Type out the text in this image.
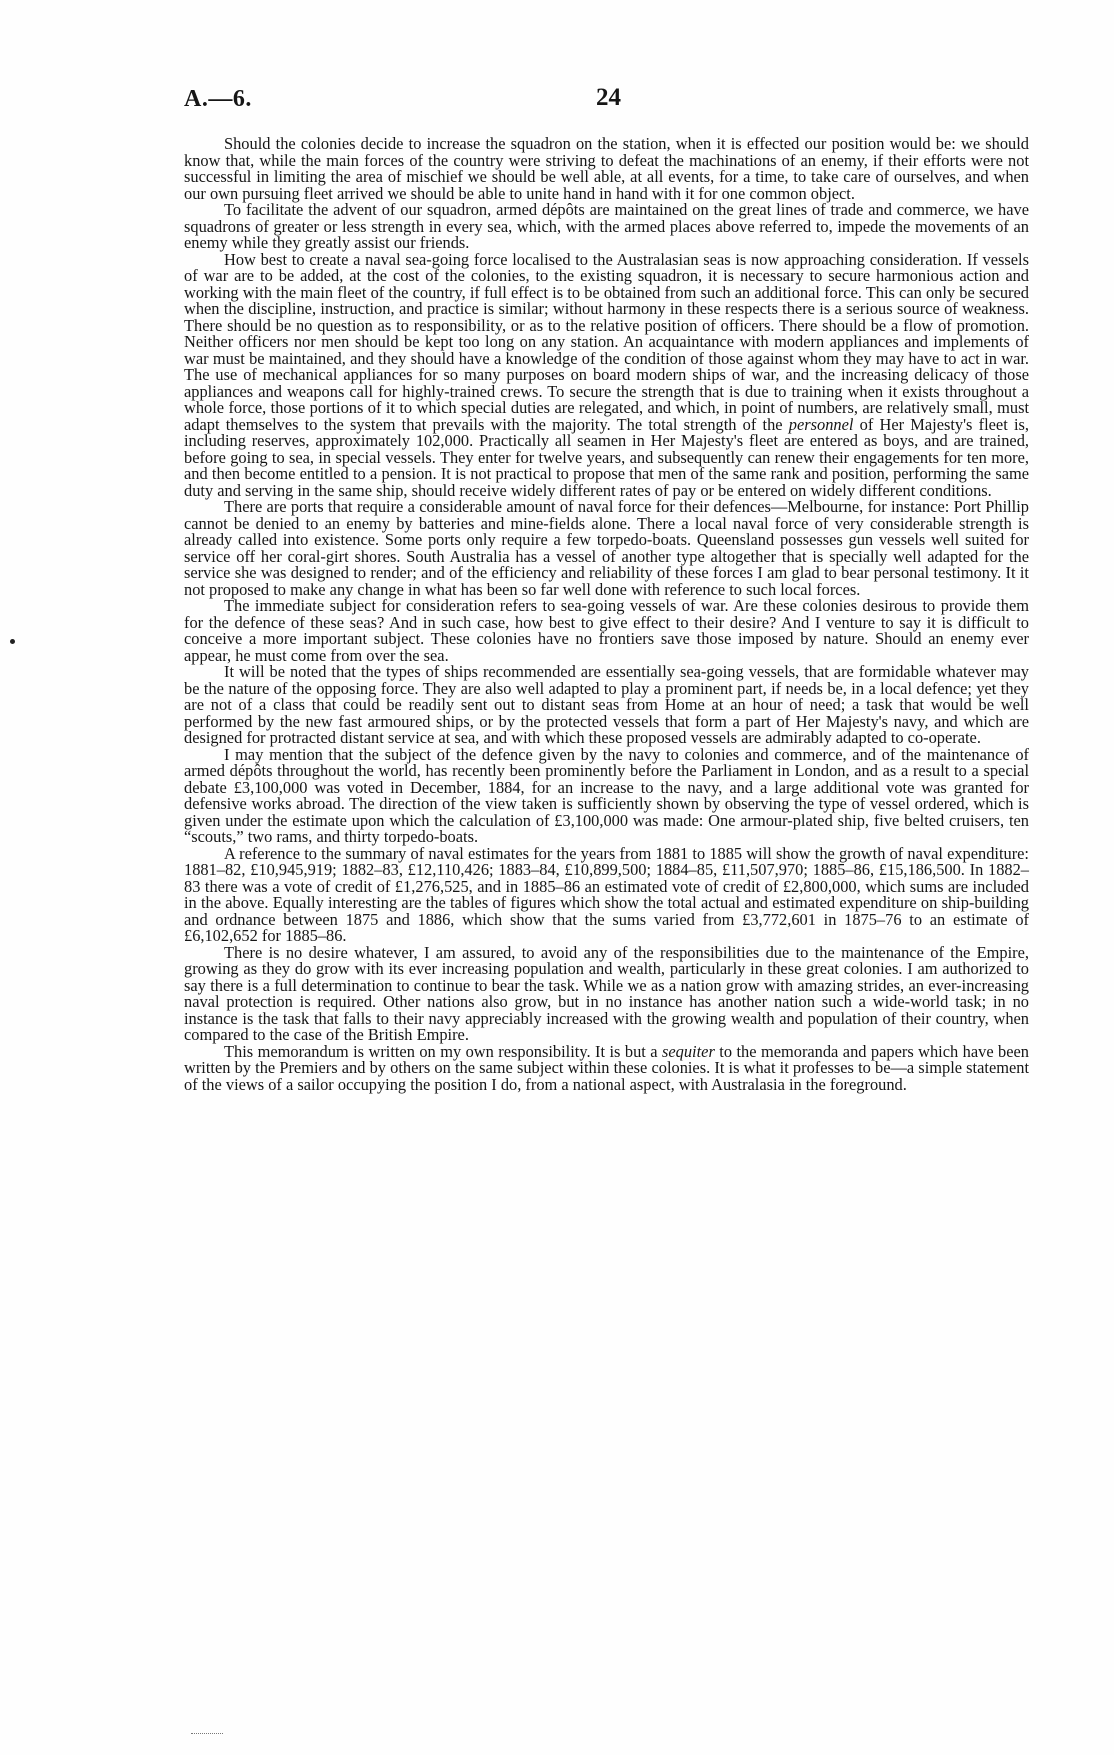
A.—6.	24

Should the colonies decide to increase the squadron on the station, when it is effected our position would be: we should know that, while the main forces of the country were striving to defeat the machinations of an enemy, if their efforts were not successful in limiting the area of mischief we should be well able, at all events, for a time, to take care of ourselves, and when our own pursuing fleet arrived we should be able to unite hand in hand with it for one common object.

To facilitate the advent of our squadron, armed dépôts are maintained on the great lines of trade and commerce, we have squadrons of greater or less strength in every sea, which, with the armed places above referred to, impede the movements of an enemy while they greatly assist our friends.

How best to create a naval sea-going force localised to the Australasian seas is now approaching consideration. If vessels of war are to be added, at the cost of the colonies, to the existing squadron, it is necessary to secure harmonious action and working with the main fleet of the country, if full effect is to be obtained from such an additional force. This can only be secured when the discipline, instruction, and practice is similar; without harmony in these respects there is a serious source of weakness. There should be no question as to responsibility, or as to the relative position of officers. There should be a flow of promotion. Neither officers nor men should be kept too long on any station. An acquaintance with modern appliances and implements of war must be maintained, and they should have a knowledge of the condition of those against whom they may have to act in war. The use of mechanical appliances for so many purposes on board modern ships of war, and the increasing delicacy of those appliances and weapons call for highly-trained crews. To secure the strength that is due to training when it exists throughout a whole force, those portions of it to which special duties are relegated, and which, in point of numbers, are relatively small, must adapt themselves to the system that prevails with the majority. The total strength of the personnel of Her Majesty's fleet is, including reserves, approximately 102,000. Practically all seamen in Her Majesty's fleet are entered as boys, and are trained, before going to sea, in special vessels. They enter for twelve years, and subsequently can renew their engagements for ten more, and then become entitled to a pension. It is not practical to propose that men of the same rank and position, performing the same duty and serving in the same ship, should receive widely different rates of pay or be entered on widely different conditions.

There are ports that require a considerable amount of naval force for their defences—Melbourne, for instance: Port Phillip cannot be denied to an enemy by batteries and mine-fields alone. There a local naval force of very considerable strength is already called into existence. Some ports only require a few torpedo-boats. Queensland possesses gun vessels well suited for service off her coral-girt shores. South Australia has a vessel of another type altogether that is specially well adapted for the service she was designed to render; and of the efficiency and reliability of these forces I am glad to bear personal testimony. It it not proposed to make any change in what has been so far well done with reference to such local forces.

The immediate subject for consideration refers to sea-going vessels of war. Are these colonies desirous to provide them for the defence of these seas? And in such case, how best to give effect to their desire? And I venture to say it is difficult to conceive a more important subject. These colonies have no frontiers save those imposed by nature. Should an enemy ever appear, he must come from over the sea.

It will be noted that the types of ships recommended are essentially sea-going vessels, that are formidable whatever may be the nature of the opposing force. They are also well adapted to play a prominent part, if needs be, in a local defence; yet they are not of a class that could be readily sent out to distant seas from Home at an hour of need; a task that would be well performed by the new fast armoured ships, or by the protected vessels that form a part of Her Majesty's navy, and which are designed for protracted distant service at sea, and with which these proposed vessels are admirably adapted to co-operate.

I may mention that the subject of the defence given by the navy to colonies and commerce, and of the maintenance of armed dépôts throughout the world, has recently been prominently before the Parliament in London, and as a result to a special debate £3,100,000 was voted in December, 1884, for an increase to the navy, and a large additional vote was granted for defensive works abroad. The direction of the view taken is sufficiently shown by observing the type of vessel ordered, which is given under the estimate upon which the calculation of £3,100,000 was made: One armour-plated ship, five belted cruisers, ten “scouts,” two rams, and thirty torpedo-boats.

A reference to the summary of naval estimates for the years from 1881 to 1885 will show the growth of naval expenditure: 1881–82, £10,945,919; 1882–83, £12,110,426; 1883–84, £10,899,500; 1884–85, £11,507,970; 1885–86, £15,186,500. In 1882–83 there was a vote of credit of £1,276,525, and in 1885–86 an estimated vote of credit of £2,800,000, which sums are included in the above. Equally interesting are the tables of figures which show the total actual and estimated expenditure on ship-building and ordnance between 1875 and 1886, which show that the sums varied from £3,772,601 in 1875–76 to an estimate of £6,102,652 for 1885–86.

There is no desire whatever, I am assured, to avoid any of the responsibilities due to the maintenance of the Empire, growing as they do grow with its ever increasing population and wealth, particularly in these great colonies. I am authorized to say there is a full determination to continue to bear the task. While we as a nation grow with amazing strides, an ever-increasing naval protection is required. Other nations also grow, but in no instance has another nation such a wide-world task; in no instance is the task that falls to their navy appreciably increased with the growing wealth and population of their country, when compared to the case of the British Empire.

This memorandum is written on my own responsibility. It is but a sequiter to the memoranda and papers which have been written by the Premiers and by others on the same subject within these colonies. It is what it professes to be—a simple statement of the views of a sailor occupying the position I do, from a national aspect, with Australasia in the foreground.
